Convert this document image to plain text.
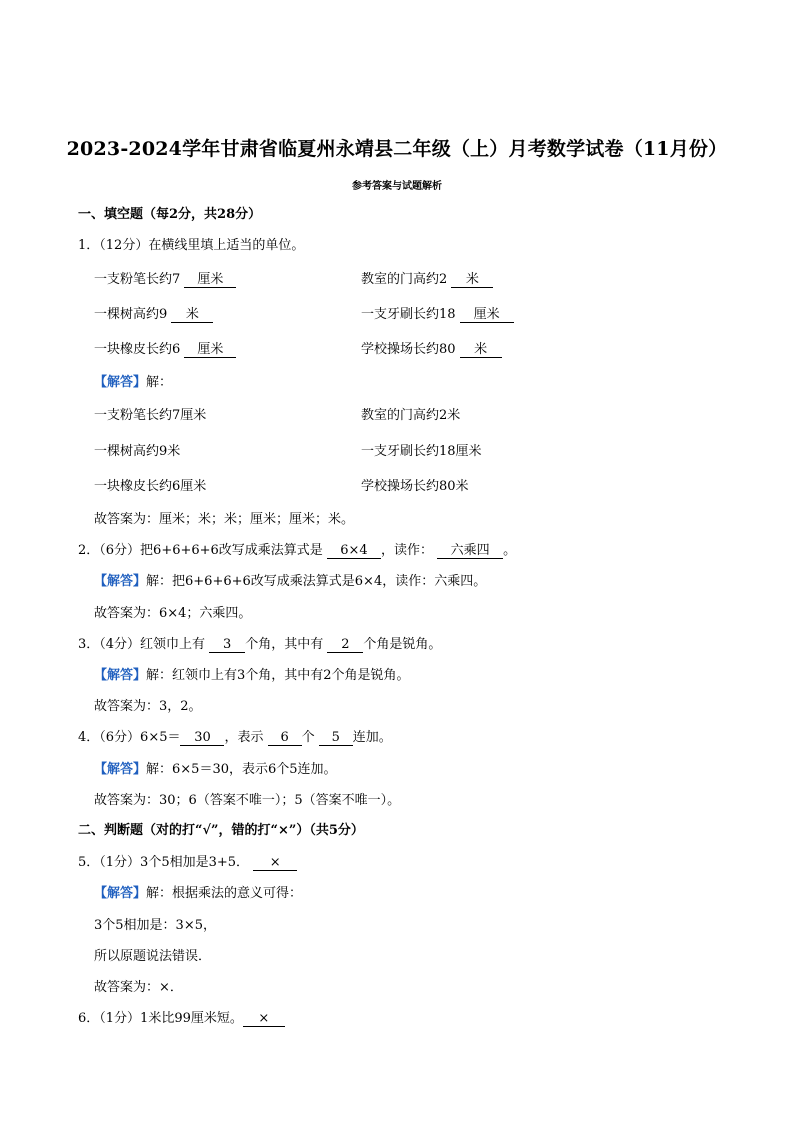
2023-2024学年甘肃省临夏州永靖县二年级（上）月考数学试卷（11月份）
参考答案与试题解析
一、填空题（每2分，共28分）
1．（12分）在横线里填上适当的单位。
一支粉笔长约7 厘米	教室的门高约2 米
一棵树高约9 米	一支牙刷长约18 厘米
一块橡皮长约6 厘米	学校操场长约80 米
【解答】解：
一支粉笔长约7厘米	教室的门高约2米
一棵树高约9米	一支牙刷长约18厘米
一块橡皮长约6厘米	学校操场长约80米
故答案为：厘米；米；米；厘米；厘米；米。
2．（6分）把6+6+6+6改写成乘法算式是 6×4 ，读作： 六乘四 。
【解答】解：把6+6+6+6改写成乘法算式是6×4，读作：六乘四。
故答案为：6×4；六乘四。
3．（4分）红领巾上有 3 个角，其中有 2 个角是锐角。
【解答】解：红领巾上有3个角，其中有2个角是锐角。
故答案为：3，2。
4．（6分）6×5＝ 30 ，表示 6 个 5 连加。
【解答】解：6×5＝30，表示6个5连加。
故答案为：30；6（答案不唯一）；5（答案不唯一）。
二、判断题（对的打“√”，错的打“×”）（共5分）
5．（1分）3个5相加是3+5． ×
【解答】解：根据乘法的意义可得：
3个5相加是：3×5，
所以原题说法错误．
故答案为：×．
6．（1分）1米比99厘米短。 ×
